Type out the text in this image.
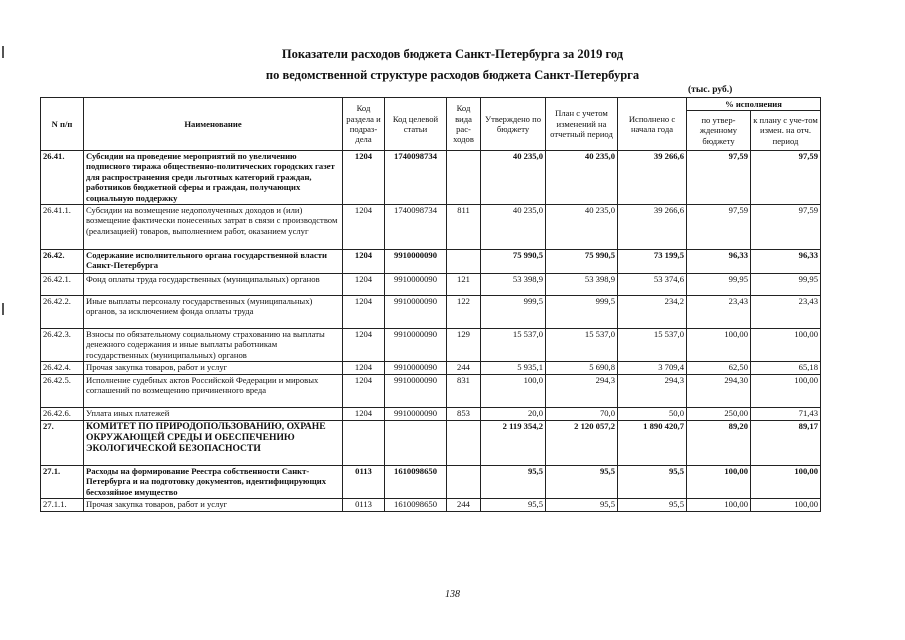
Показатели расходов бюджета Санкт-Петербурга за 2019 год
по ведомственной структуре расходов бюджета Санкт-Петербурга
(тыс. руб.)
N п/п	Наименование	Код раздела и подраз-дела	Код целевой статьи	Код вида рас-ходов	Утверждено по бюджету	План с учетом изменений на отчетный период	Исполнено с начала года	% исполнения	
								по утвер-жденному бюджету	к плану с уче-том измен. на отч. период
26.41.	Субсидии на проведение мероприятий по увеличению подписного тиража общественно-политических городских газет для распространения среди льготных категорий граждан, работников бюджетной сферы и граждан, получающих социальную поддержку	1204	1740098734		40 235,0	40 235,0	39 266,6	97,59	97,59
26.41.1.	Субсидии на возмещение недополученных доходов и (или) возмещение фактически понесенных затрат в связи с производством (реализацией) товаров, выполнением работ, оказанием услуг	1204	1740098734	811	40 235,0	40 235,0	39 266,6	97,59	97,59
26.42.	Содержание исполнительного органа государственной власти Санкт-Петербурга	1204	9910000090		75 990,5	75 990,5	73 199,5	96,33	96,33
26.42.1.	Фонд оплаты труда государственных (муниципальных) органов	1204	9910000090	121	53 398,9	53 398,9	53 374,6	99,95	99,95
26.42.2.	Иные выплаты персоналу государственных (муниципальных) органов, за исключением фонда оплаты труда	1204	9910000090	122	999,5	999,5	234,2	23,43	23,43
26.42.3.	Взносы по обязательному социальному страхованию на выплаты денежного содержания и иные выплаты работникам государственных (муниципальных) органов	1204	9910000090	129	15 537,0	15 537,0	15 537,0	100,00	100,00
26.42.4.	Прочая закупка товаров, работ и услуг	1204	9910000090	244	5 935,1	5 690,8	3 709,4	62,50	65,18
26.42.5.	Исполнение судебных актов Российской Федерации и мировых соглашений по возмещению причиненного вреда	1204	9910000090	831	100,0	294,3	294,3	294,30	100,00
26.42.6.	Уплата иных платежей	1204	9910000090	853	20,0	70,0	50,0	250,00	71,43
27.	КОМИТЕТ ПО ПРИРОДОПОЛЬЗОВАНИЮ, ОХРАНЕ ОКРУЖАЮЩЕЙ СРЕДЫ И ОБЕСПЕЧЕНИЮ ЭКОЛОГИЧЕСКОЙ БЕЗОПАСНОСТИ				2 119 354,2	2 120 057,2	1 890 420,7	89,20	89,17
27.1.	Расходы на формирование Реестра собственности Санкт-Петербурга и на подготовку документов, идентифицирующих бесхозяйное имущество	0113	1610098650		95,5	95,5	95,5	100,00	100,00
27.1.1.	Прочая закупка товаров, работ и услуг	0113	1610098650	244	95,5	95,5	95,5	100,00	100,00
138
